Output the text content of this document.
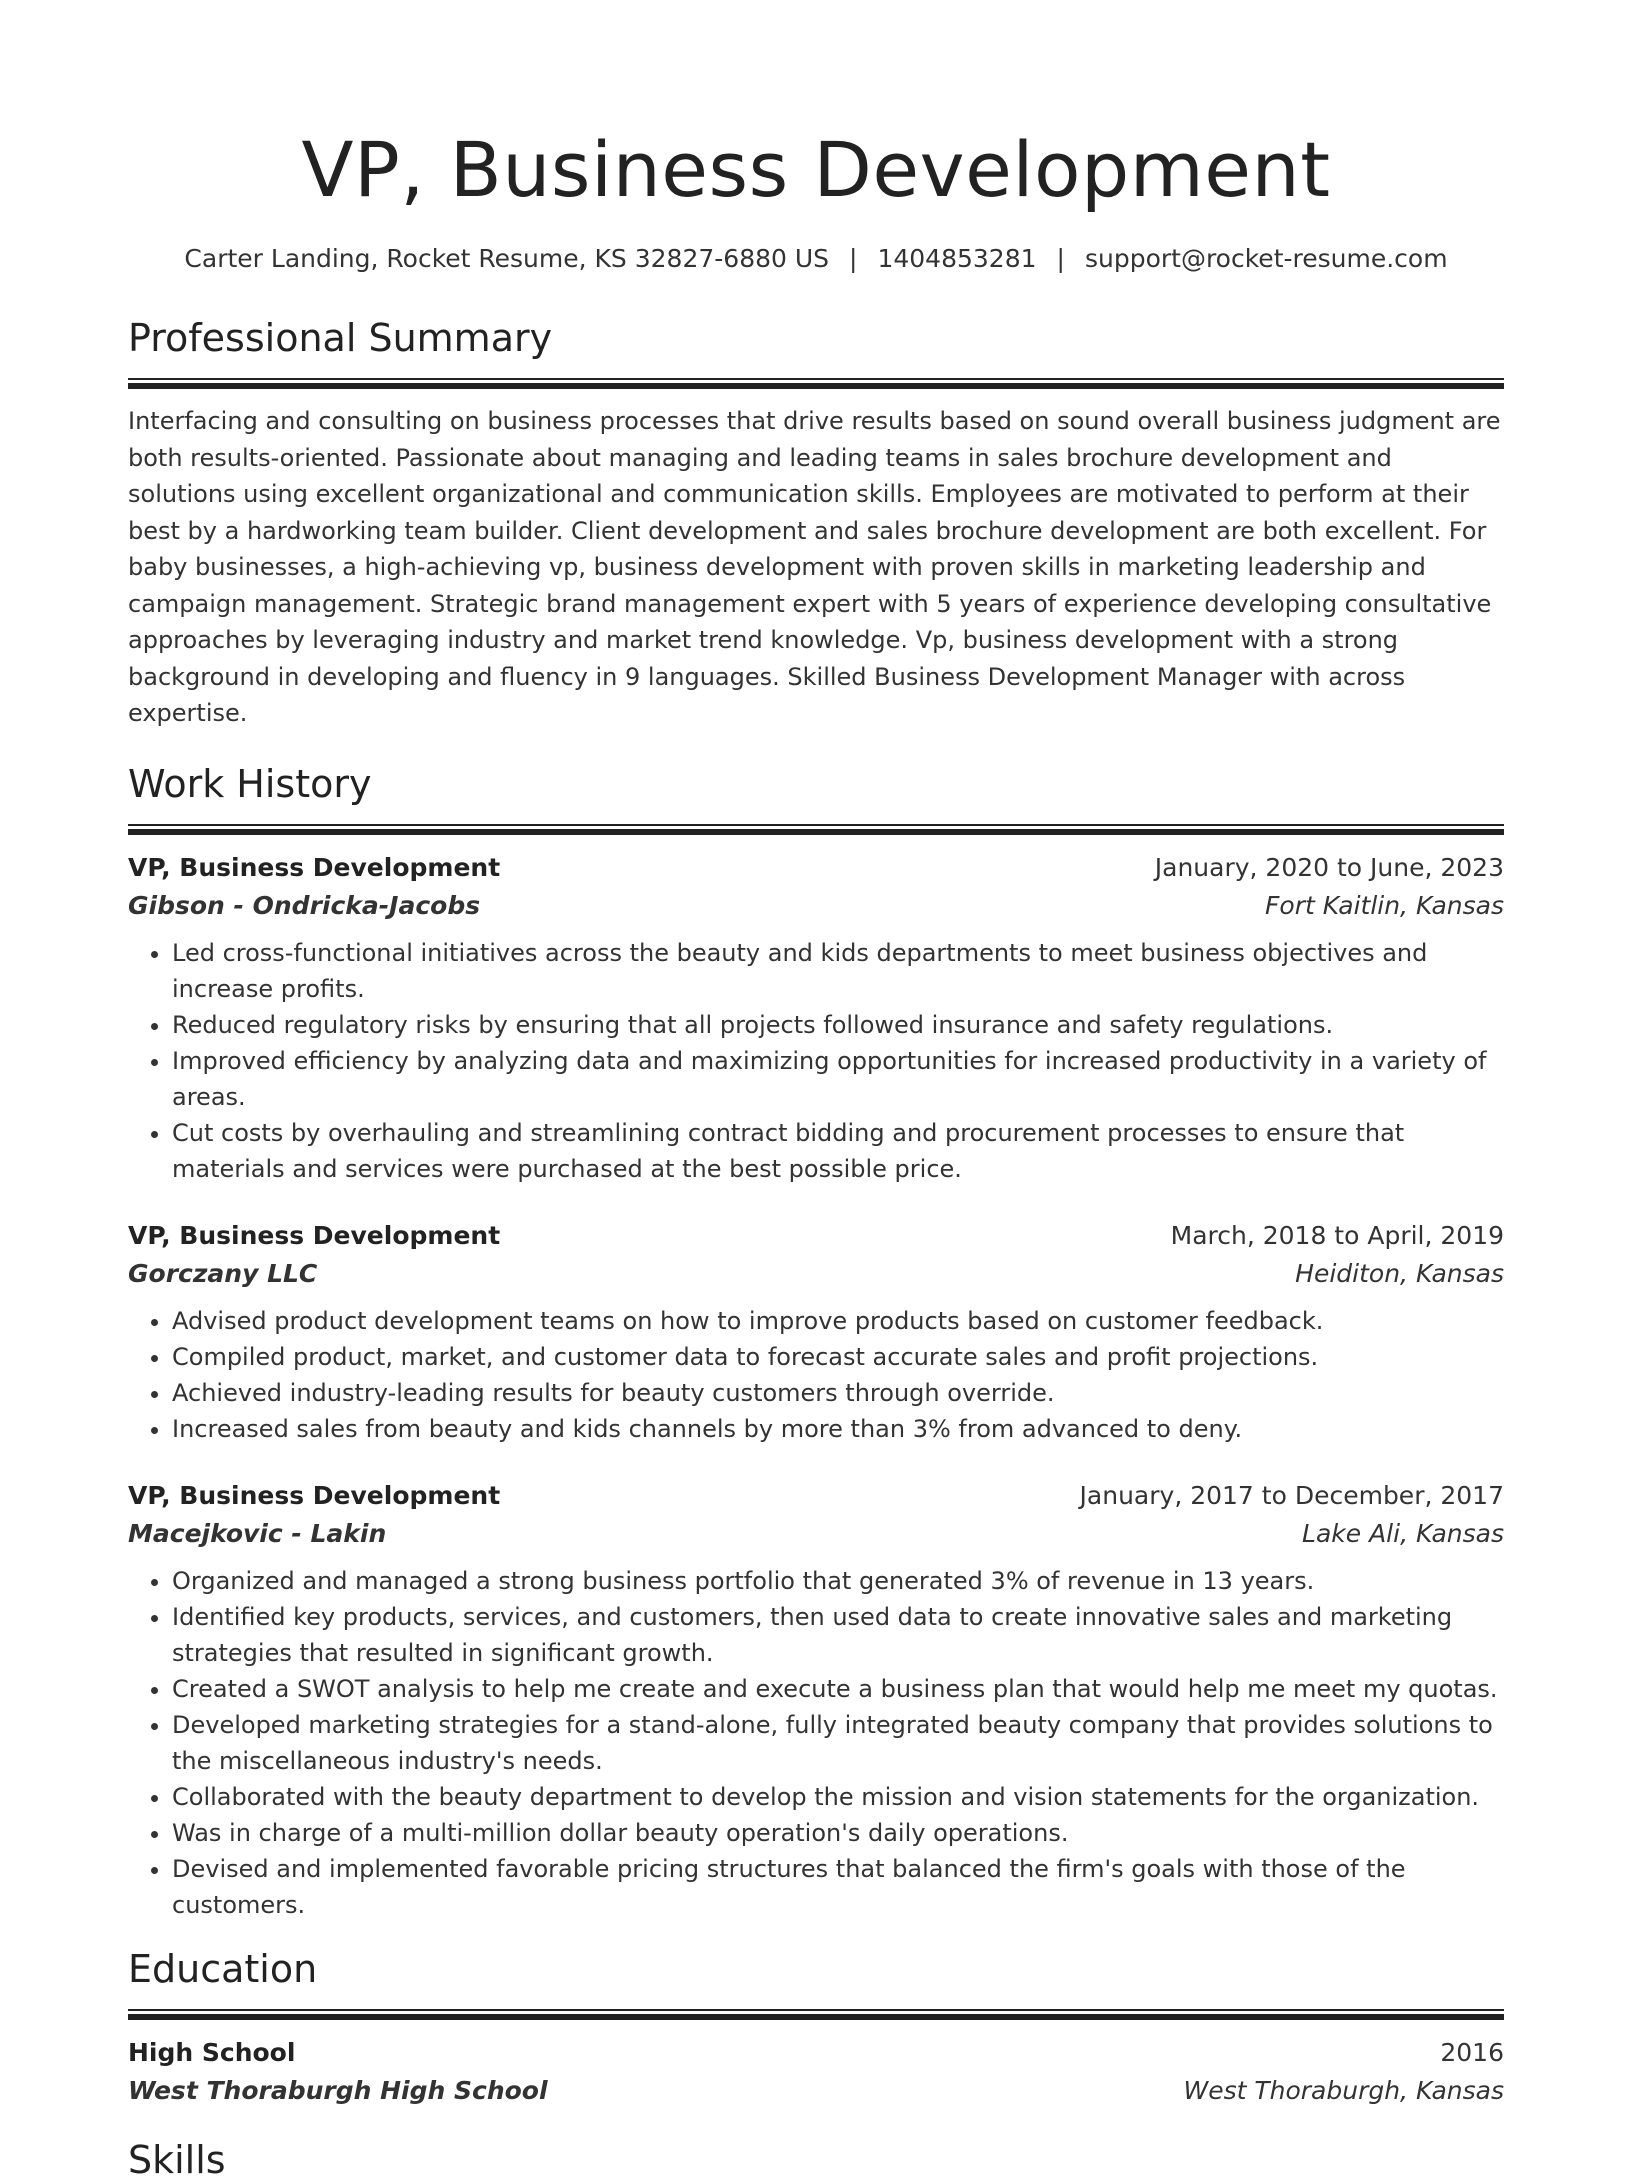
VP, Business Development
Carter Landing, Rocket Resume, KS 32827-6880 US | 1404853281 | support@rocket-resume.com
Professional Summary

Interfacing and consulting on business processes that drive results based on sound overall business judgment are both results-oriented. Passionate about managing and leading teams in sales brochure development and solutions using excellent organizational and communication skills. Employees are motivated to perform at their best by a hardworking team builder. Client development and sales brochure development are both excellent. For baby businesses, a high-achieving vp, business development with proven skills in marketing leadership and campaign management. Strategic brand management expert with 5 years of experience developing consultative approaches by leveraging industry and market trend knowledge. Vp, business development with a strong background in developing and fluency in 9 languages. Skilled Business Development Manager with across expertise.

Work History
VP, Business Development	January, 2020 to June, 2023
Gibson - Ondricka-Jacobs	Fort Kaitlin, Kansas
• Led cross-functional initiatives across the beauty and kids departments to meet business objectives and increase profits.
• Reduced regulatory risks by ensuring that all projects followed insurance and safety regulations.
• Improved efficiency by analyzing data and maximizing opportunities for increased productivity in a variety of areas.
• Cut costs by overhauling and streamlining contract bidding and procurement processes to ensure that materials and services were purchased at the best possible price.
VP, Business Development	March, 2018 to April, 2019
Gorczany LLC	Heiditon, Kansas
• Advised product development teams on how to improve products based on customer feedback.
• Compiled product, market, and customer data to forecast accurate sales and profit projections.
• Achieved industry-leading results for beauty customers through override.
• Increased sales from beauty and kids channels by more than 3% from advanced to deny.
VP, Business Development	January, 2017 to December, 2017
Macejkovic - Lakin	Lake Ali, Kansas
• Organized and managed a strong business portfolio that generated 3% of revenue in 13 years.
• Identified key products, services, and customers, then used data to create innovative sales and marketing strategies that resulted in significant growth.
• Created a SWOT analysis to help me create and execute a business plan that would help me meet my quotas.
• Developed marketing strategies for a stand-alone, fully integrated beauty company that provides solutions to the miscellaneous industry's needs.
• Collaborated with the beauty department to develop the mission and vision statements for the organization.
• Was in charge of a multi-million dollar beauty operation's daily operations.
• Devised and implemented favorable pricing structures that balanced the firm's goals with those of the customers.
Education
High School	2016
West Thoraburgh High School	West Thoraburgh, Kansas
Skills
